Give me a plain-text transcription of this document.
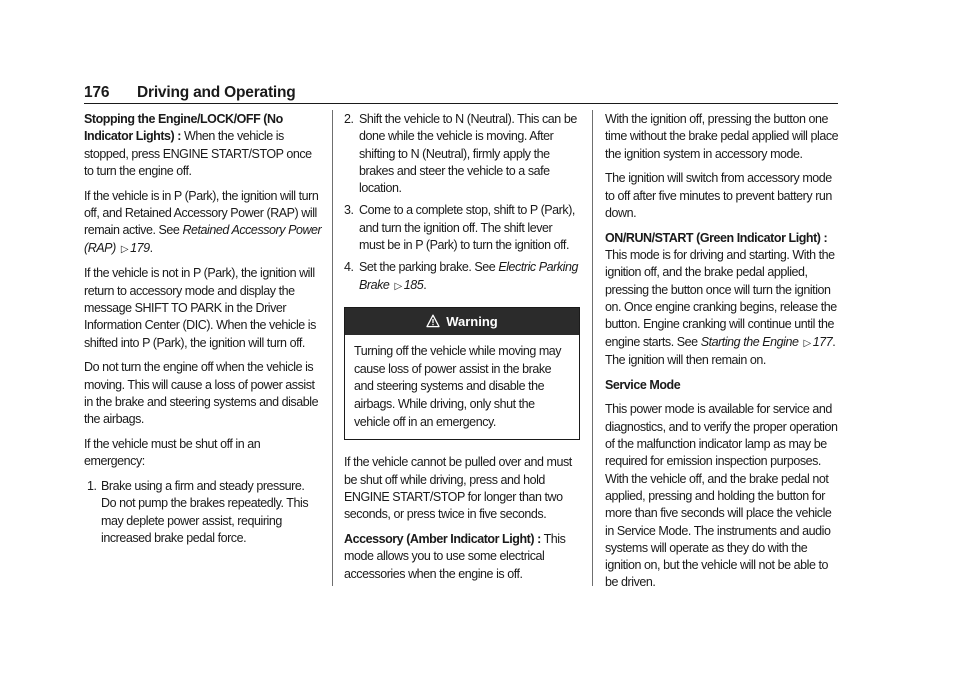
176 Driving and Operating

Stopping the Engine/LOCK/OFF (No Indicator Lights) : When the vehicle is stopped, press ENGINE START/STOP once to turn the engine off.

If the vehicle is in P (Park), the ignition will turn off, and Retained Accessory Power (RAP) will remain active. See Retained Accessory Power (RAP) ▷ 179.

If the vehicle is not in P (Park), the ignition will return to accessory mode and display the message SHIFT TO PARK in the Driver Information Center (DIC). When the vehicle is shifted into P (Park), the ignition will turn off.

Do not turn the engine off when the vehicle is moving. This will cause a loss of power assist in the brake and steering systems and disable the airbags.

If the vehicle must be shut off in an emergency:

1. Brake using a firm and steady pressure. Do not pump the brakes repeatedly. This may deplete power assist, requiring increased brake pedal force.
2. Shift the vehicle to N (Neutral). This can be done while the vehicle is moving. After shifting to N (Neutral), firmly apply the brakes and steer the vehicle to a safe location.
3. Come to a complete stop, shift to P (Park), and turn the ignition off. The shift lever must be in P (Park) to turn the ignition off.
4. Set the parking brake. See Electric Parking Brake ▷ 185.
Warning
Turning off the vehicle while moving may cause loss of power assist in the brake and steering systems and disable the airbags. While driving, only shut the vehicle off in an emergency.

If the vehicle cannot be pulled over and must be shut off while driving, press and hold ENGINE START/STOP for longer than two seconds, or press twice in five seconds.

Accessory (Amber Indicator Light) : This mode allows you to use some electrical accessories when the engine is off.

With the ignition off, pressing the button one time without the brake pedal applied will place the ignition system in accessory mode.

The ignition will switch from accessory mode to off after five minutes to prevent battery run down.

ON/RUN/START (Green Indicator Light) : This mode is for driving and starting. With the ignition off, and the brake pedal applied, pressing the button once will turn the ignition on. Once engine cranking begins, release the button. Engine cranking will continue until the engine starts. See Starting the Engine ▷ 177. The ignition will then remain on.

Service Mode

This power mode is available for service and diagnostics, and to verify the proper operation of the malfunction indicator lamp as may be required for emission inspection purposes. With the vehicle off, and the brake pedal not applied, pressing and holding the button for more than five seconds will place the vehicle in Service Mode. The instruments and audio systems will operate as they do with the ignition on, but the vehicle will not be able to be driven.
